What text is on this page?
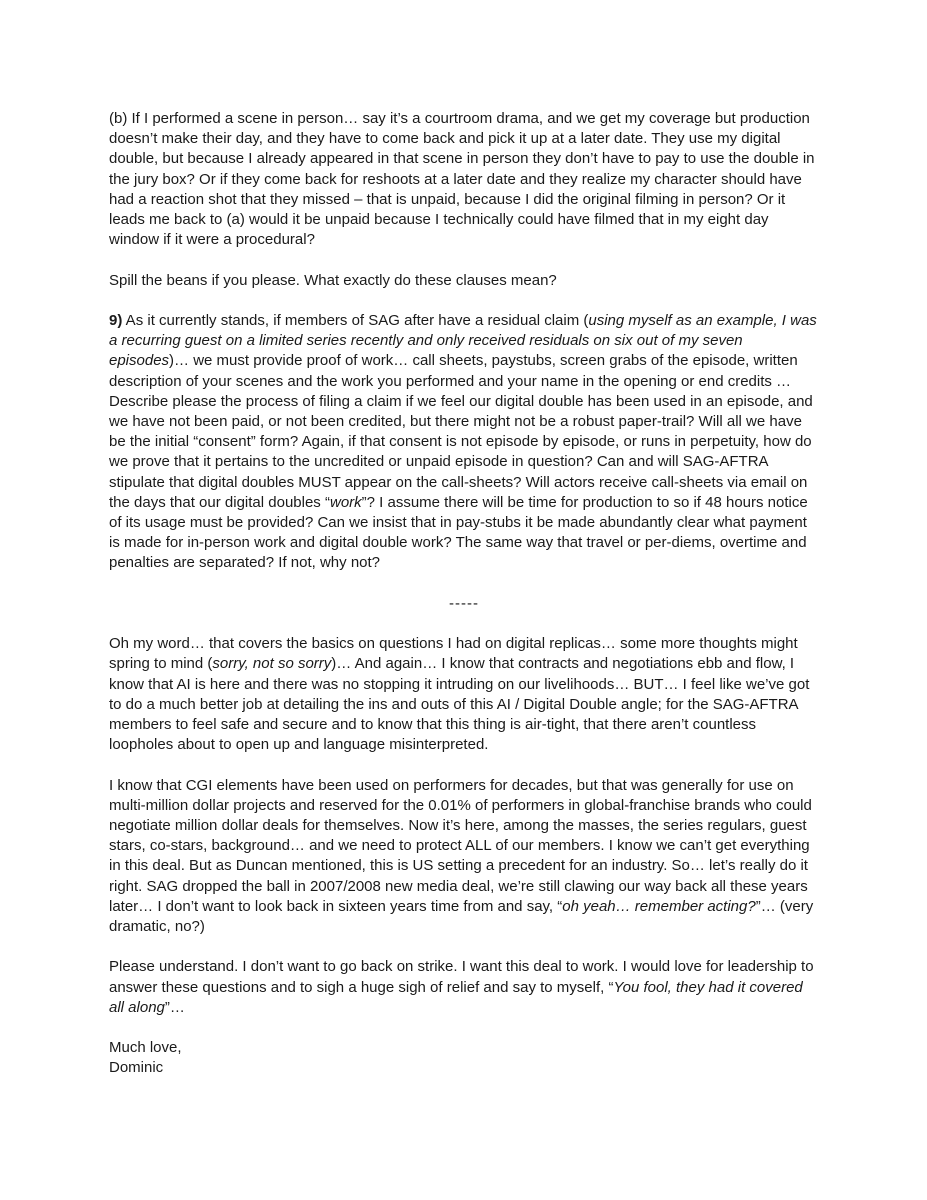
(b) If I performed a scene in person… say it’s a courtroom drama, and we get my coverage but production doesn’t make their day, and they have to come back and pick it up at a later date. They use my digital double, but because I already appeared in that scene in person they don’t have to pay to use the double in the jury box? Or if they come back for reshoots at a later date and they realize my character should have had a reaction shot that they missed – that is unpaid, because I did the original filming in person? Or it leads me back to (a) would it be unpaid because I technically could have filmed that in my eight day window if it were a procedural?

Spill the beans if you please. What exactly do these clauses mean?

9) As it currently stands, if members of SAG after have a residual claim (using myself as an example, I was a recurring guest on a limited series recently and only received residuals on six out of my seven episodes)… we must provide proof of work… call sheets, paystubs, screen grabs of the episode, written description of your scenes and the work you performed and your name in the opening or end credits … Describe please the process of filing a claim if we feel our digital double has been used in an episode, and we have not been paid, or not been credited, but there might not be a robust paper-trail? Will all we have be the initial “consent” form? Again, if that consent is not episode by episode, or runs in perpetuity, how do we prove that it pertains to the uncredited or unpaid episode in question? Can and will SAG-AFTRA stipulate that digital doubles MUST appear on the call-sheets? Will actors receive call-sheets via email on the days that our digital doubles “work”? I assume there will be time for production to so if 48 hours notice of its usage must be provided? Can we insist that in pay-stubs it be made abundantly clear what payment is made for in-person work and digital double work? The same way that travel or per-diems, overtime and penalties are separated? If not, why not?

-----

Oh my word… that covers the basics on questions I had on digital replicas… some more thoughts might spring to mind (sorry, not so sorry)… And again… I know that contracts and negotiations ebb and flow, I know that AI is here and there was no stopping it intruding on our livelihoods… BUT… I feel like we’ve got to do a much better job at detailing the ins and outs of this AI / Digital Double angle; for the SAG-AFTRA members to feel safe and secure and to know that this thing is air-tight, that there aren’t countless loopholes about to open up and language misinterpreted.

I know that CGI elements have been used on performers for decades, but that was generally for use on multi-million dollar projects and reserved for the 0.01% of performers in global-franchise brands who could negotiate million dollar deals for themselves. Now it’s here, among the masses, the series regulars, guest stars, co-stars, background… and we need to protect ALL of our members. I know we can’t get everything in this deal. But as Duncan mentioned, this is US setting a precedent for an industry. So… let’s really do it right. SAG dropped the ball in 2007/2008 new media deal, we’re still clawing our way back all these years later… I don’t want to look back in sixteen years time from and say, “oh yeah… remember acting?”… (very dramatic, no?)

Please understand. I don’t want to go back on strike. I want this deal to work. I would love for leadership to answer these questions and to sigh a huge sigh of relief and say to myself, “You fool, they had it covered all along”…

Much love,
Dominic
